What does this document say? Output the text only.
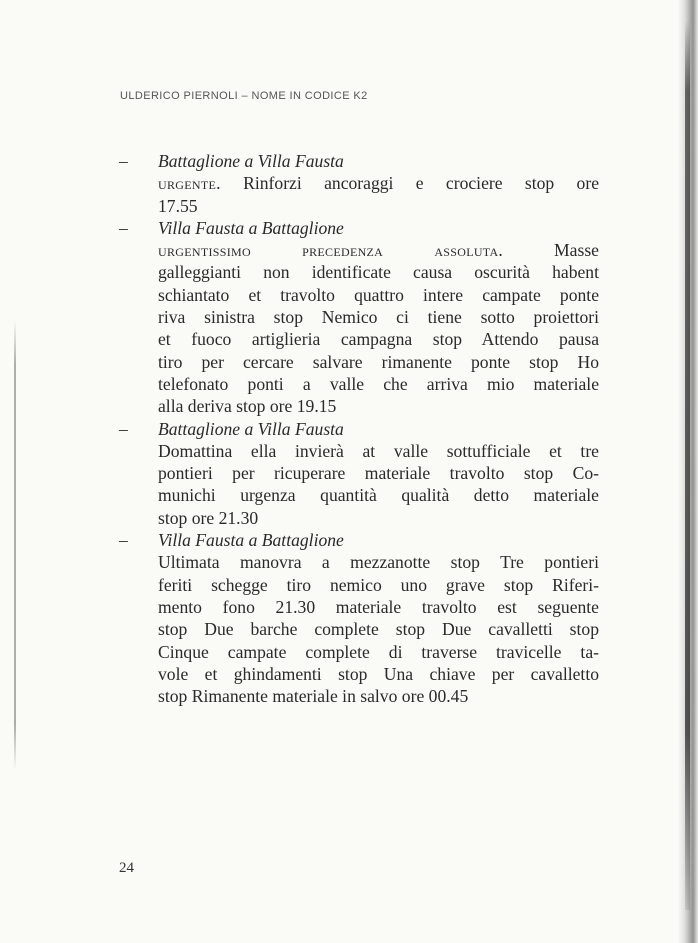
ULDERICO PIERNOLI – NOME IN CODICE K2
–	Battaglione a Villa Fausta
urgente. Rinforzi ancoraggi e crociere stop ore
17.55
–	Villa Fausta a Battaglione
urgentissimo precedenza assoluta. Masse
galleggianti non identificate causa oscurità habent
schiantato et travolto quattro intere campate ponte
riva sinistra stop Nemico ci tiene sotto proiettori
et fuoco artiglieria campagna stop Attendo pausa
tiro per cercare salvare rimanente ponte stop Ho
telefonato ponti a valle che arriva mio materiale
alla deriva stop ore 19.15
–	Battaglione a Villa Fausta
Domattina ella invierà at valle sottufficiale et tre
pontieri per ricuperare materiale travolto stop Co-
munichi urgenza quantità qualità detto materiale
stop ore 21.30
–	Villa Fausta a Battaglione
Ultimata manovra a mezzanotte stop Tre pontieri
feriti schegge tiro nemico uno grave stop Riferi-
mento fono 21.30 materiale travolto est seguente
stop Due barche complete stop Due cavalletti stop
Cinque campate complete di traverse travicelle ta-
vole et ghindamenti stop Una chiave per cavalletto
stop Rimanente materiale in salvo ore 00.45
24
